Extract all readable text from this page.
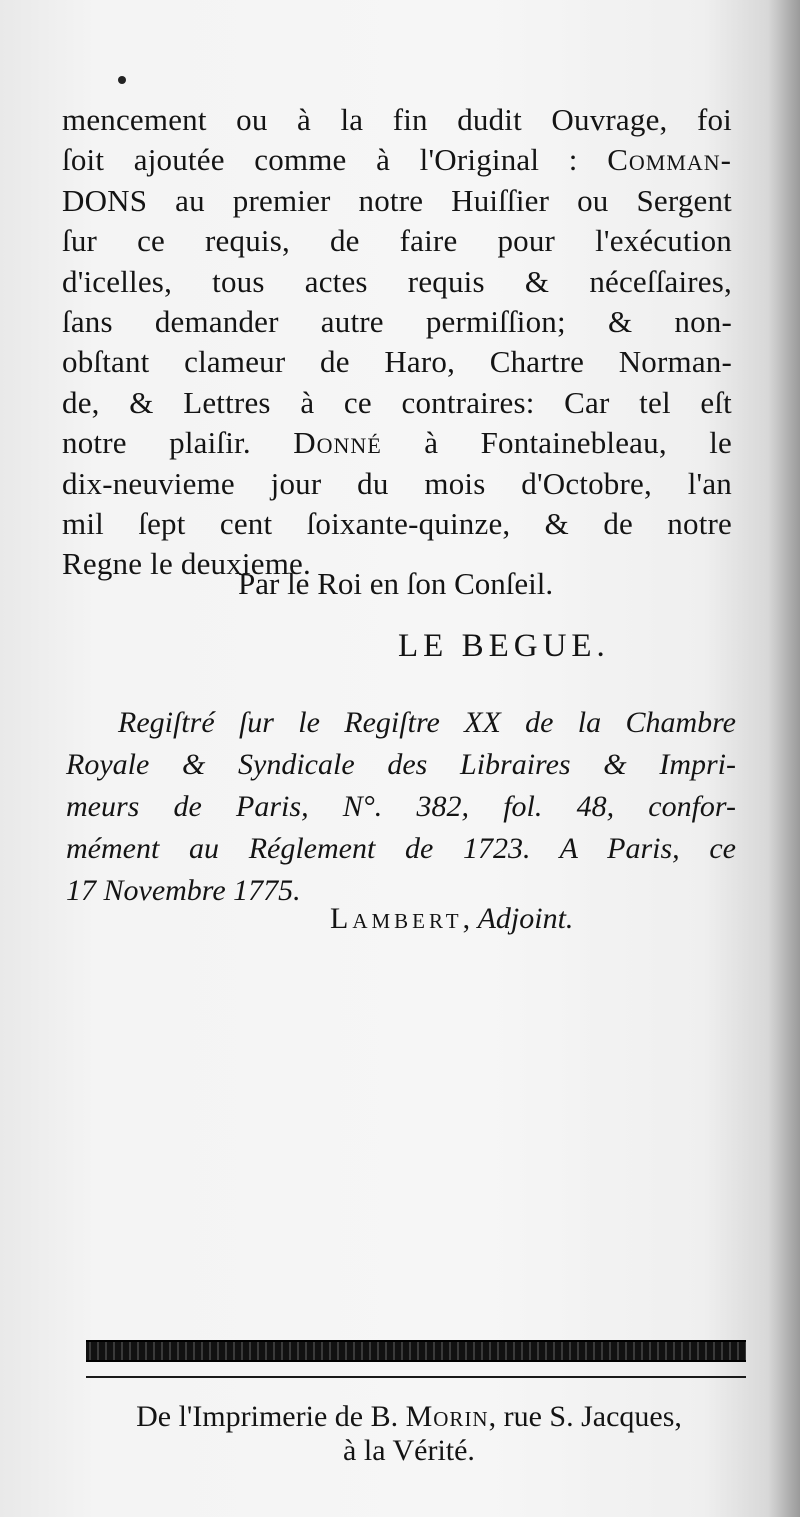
mencement ou à la fin dudit Ouvrage, foi
ſoit ajoutée comme à l'Original : Comman-
DONS au premier notre Huiſſier ou Sergent
ſur ce requis, de faire pour l'exécution
d'icelles, tous actes requis & néceſſaires,
ſans demander autre permiſſion; & non-
obſtant clameur de Haro, Chartre Norman-
de, & Lettres à ce contraires: Car tel eſt
notre plaiſir. Donné à Fontainebleau, le
dix-neuvieme jour du mois d'Octobre, l'an
mil ſept cent ſoixante-quinze, & de notre
Regne le deuxieme.
Par le Roi en ſon Conſeil.
LE BEGUE.
Regiſtré ſur le Regiſtre XX de la Chambre
Royale & Syndicale des Libraires & Impri-
meurs de Paris, N°. 382, fol. 48, confor-
mément au Réglement de 1723. A Paris, ce
17 Novembre 1775.
Lambert, Adjoint.
De l'Imprimerie de B. Morin, rue S. Jacques,
à la Vérité.
